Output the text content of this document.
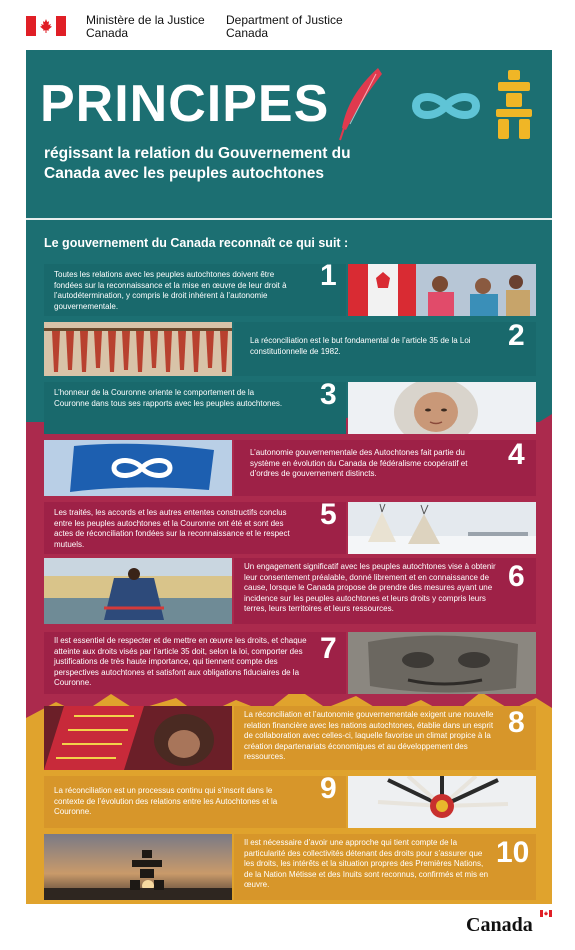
Ministère de la Justice
Canada
Department of Justice
Canada
PRINCIPES
régissant la relation du Gouvernement du Canada avec les peuples autochtones
Le gouvernement du Canada reconnaît ce qui suit :
Toutes les relations avec les peuples autochtones doivent être fondées sur la reconnaissance et la mise en œuvre de leur droit à l’autodétermination, y compris le droit inhérent à l’autonomie gouvernementale.
1
La réconciliation est le but fondamental de l’article 35 de la Loi constitutionnelle de 1982.	2
L’honneur de la Couronne oriente le comportement de la Couronne dans tous ses rapports avec les peuples autochtones. 3
L’autonomie gouvernementale des Autochtones fait partie du système en évolution du Canada de fédéralisme coopératif et d’ordres de gouvernement distincts.
4
Les traités, les accords et les autres ententes constructifs conclus entre les peuples autochtones et la Couronne ont été et sont des actes de réconciliation fondées sur la reconnaissance et le respect mutuels.
5
Un engagement significatif avec les peuples autochtones vise à obtenir leur consentement préalable, donné librement et en connaissance de cause, lorsque le Canada propose de prendre des mesures ayant une incidence sur les peuples autochtones et leurs droits y compris leurs terres, leurs territoires et leurs ressources.
6
Il est essentiel de respecter et de mettre en œuvre les droits, et chaque atteinte aux droits visés par l’article 35 doit, selon la loi, comporter des justifications de très haute importance, qui tiennent compte des perspectives autochtones et satisfont aux obligations fiduciaires de la Couronne.
7
La réconciliation et l’autonomie gouvernementale exigent une nouvelle relation financière avec les nations autochtones, établie dans un esprit de collaboration avec celles-ci, laquelle favorise un climat propice à la création departenariats économiques et au développement des ressources.
8
La réconciliation est un processus continu qui s’inscrit dans le contexte de l’évolution des relations entre les Autochtones et la Couronne.
9
Il est nécessaire d’avoir une approche qui tient compte de la particularité des collectivités détenant des droits pour s’assurer que les droits, les intérêts et la situation propres des Premières Nations, de la Nation Métisse et des Inuits sont reconnus, confirmés et mis en œuvre.
10
Canada
